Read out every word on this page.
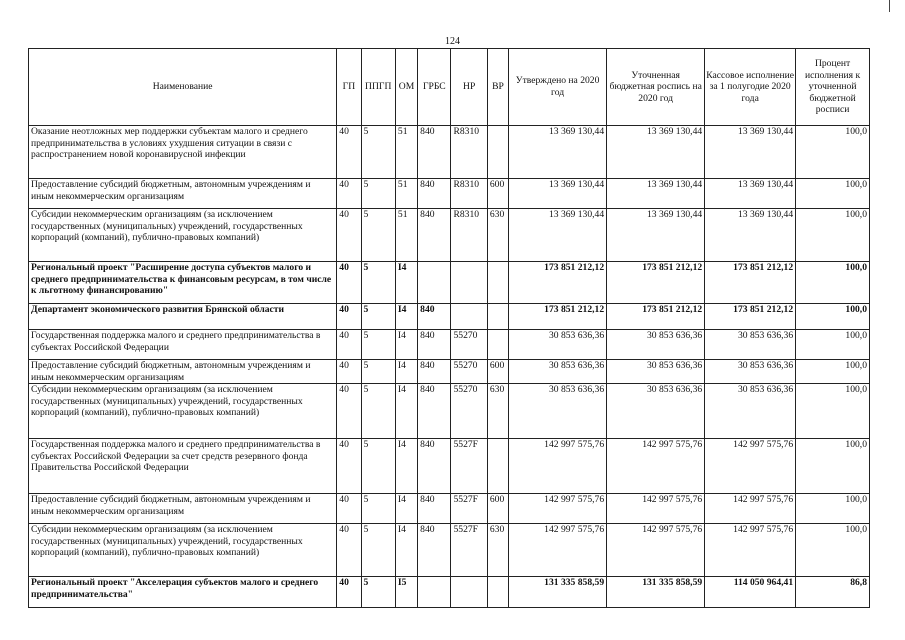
124
Наименование	ГП	ППГП	ОМ	ГРБС	НР	ВР	Утверждено на 2020 год	Уточненная бюджетная роспись на 2020 год	Кассовое исполнение за 1 полугодие 2020 года	Процент исполнения к уточненной бюджетной росписи
Оказание неотложных мер поддержки субъектам малого и среднего предпринимательства в условиях ухудшения ситуации в связи с распространением новой коронавирусной инфекции	40	5	51	840	R8310		13 369 130,44	13 369 130,44	13 369 130,44	100,0
Предоставление субсидий бюджетным, автономным учреждениям и иным некоммерческим организациям	40	5	51	840	R8310	600	13 369 130,44	13 369 130,44	13 369 130,44	100,0
Субсидии некоммерческим организациям (за исключением государственных (муниципальных) учреждений, государственных корпораций (компаний), публично-правовых компаний)	40	5	51	840	R8310	630	13 369 130,44	13 369 130,44	13 369 130,44	100,0
Региональный проект "Расширение доступа субъектов малого и среднего предпринимательства к финансовым ресурсам, в том числе к льготному финансированию"	40	5	I4				173 851 212,12	173 851 212,12	173 851 212,12	100,0
Департамент экономического развития Брянской области	40	5	I4	840			173 851 212,12	173 851 212,12	173 851 212,12	100,0
Государственная поддержка малого и среднего предпринимательства в субъектах Российской Федерации	40	5	I4	840	55270		30 853 636,36	30 853 636,36	30 853 636,36	100,0
Предоставление субсидий бюджетным, автономным учреждениям и иным некоммерческим организациям	40	5	I4	840	55270	600	30 853 636,36	30 853 636,36	30 853 636,36	100,0
Субсидии некоммерческим организациям (за исключением государственных (муниципальных) учреждений, государственных корпораций (компаний), публично-правовых компаний)	40	5	I4	840	55270	630	30 853 636,36	30 853 636,36	30 853 636,36	100,0
Государственная поддержка малого и среднего предпринимательства в субъектах Российской Федерации за счет средств резервного фонда Правительства Российской Федерации	40	5	I4	840	5527F		142 997 575,76	142 997 575,76	142 997 575,76	100,0
Предоставление субсидий бюджетным, автономным учреждениям и иным некоммерческим организациям	40	5	I4	840	5527F	600	142 997 575,76	142 997 575,76	142 997 575,76	100,0
Субсидии некоммерческим организациям (за исключением государственных (муниципальных) учреждений, государственных корпораций (компаний), публично-правовых компаний)	40	5	I4	840	5527F	630	142 997 575,76	142 997 575,76	142 997 575,76	100,0
Региональный проект "Акселерация субъектов малого и среднего предпринимательства"	40	5	I5				131 335 858,59	131 335 858,59	114 050 964,41	86,8
